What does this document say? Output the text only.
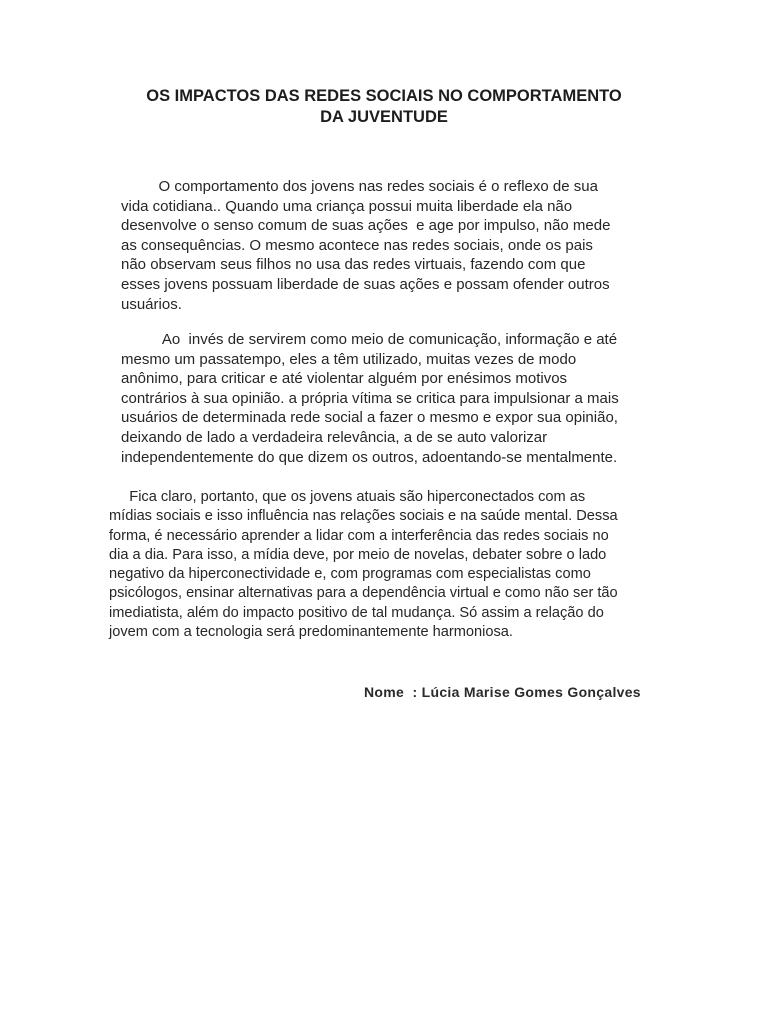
OS IMPACTOS DAS REDES SOCIAIS NO COMPORTAMENTO
DA JUVENTUDE

O comportamento dos jovens nas redes sociais é o reflexo de sua
vida cotidiana.. Quando uma criança possui muita liberdade ela não
desenvolve o senso comum de suas ações  e age por impulso, não mede
as consequências. O mesmo acontece nas redes sociais, onde os pais
não observam seus filhos no usa das redes virtuais, fazendo com que
esses jovens possuam liberdade de suas ações e possam ofender outros
usuários.

Ao  invés de servirem como meio de comunicação, informação e até
mesmo um passatempo, eles a têm utilizado, muitas vezes de modo
anônimo, para criticar e até violentar alguém por enésimos motivos
contrários à sua opinião. a própria vítima se critica para impulsionar a mais
usuários de determinada rede social a fazer o mesmo e expor sua opinião,
deixando de lado a verdadeira relevância, a de se auto valorizar
independentemente do que dizem os outros, adoentando-se mentalmente.

Fica claro, portanto, que os jovens atuais são hiperconectados com as
mídias sociais e isso influência nas relações sociais e na saúde mental. Dessa
forma, é necessário aprender a lidar com a interferência das redes sociais no
dia a dia. Para isso, a mídia deve, por meio de novelas, debater sobre o lado
negativo da hiperconectividade e, com programas com especialistas como
psicólogos, ensinar alternativas para a dependência virtual e como não ser tão
imediatista, além do impacto positivo de tal mudança. Só assim a relação do
jovem com a tecnologia será predominantemente harmoniosa.

Nome  : Lúcia Marise Gomes Gonçalves
